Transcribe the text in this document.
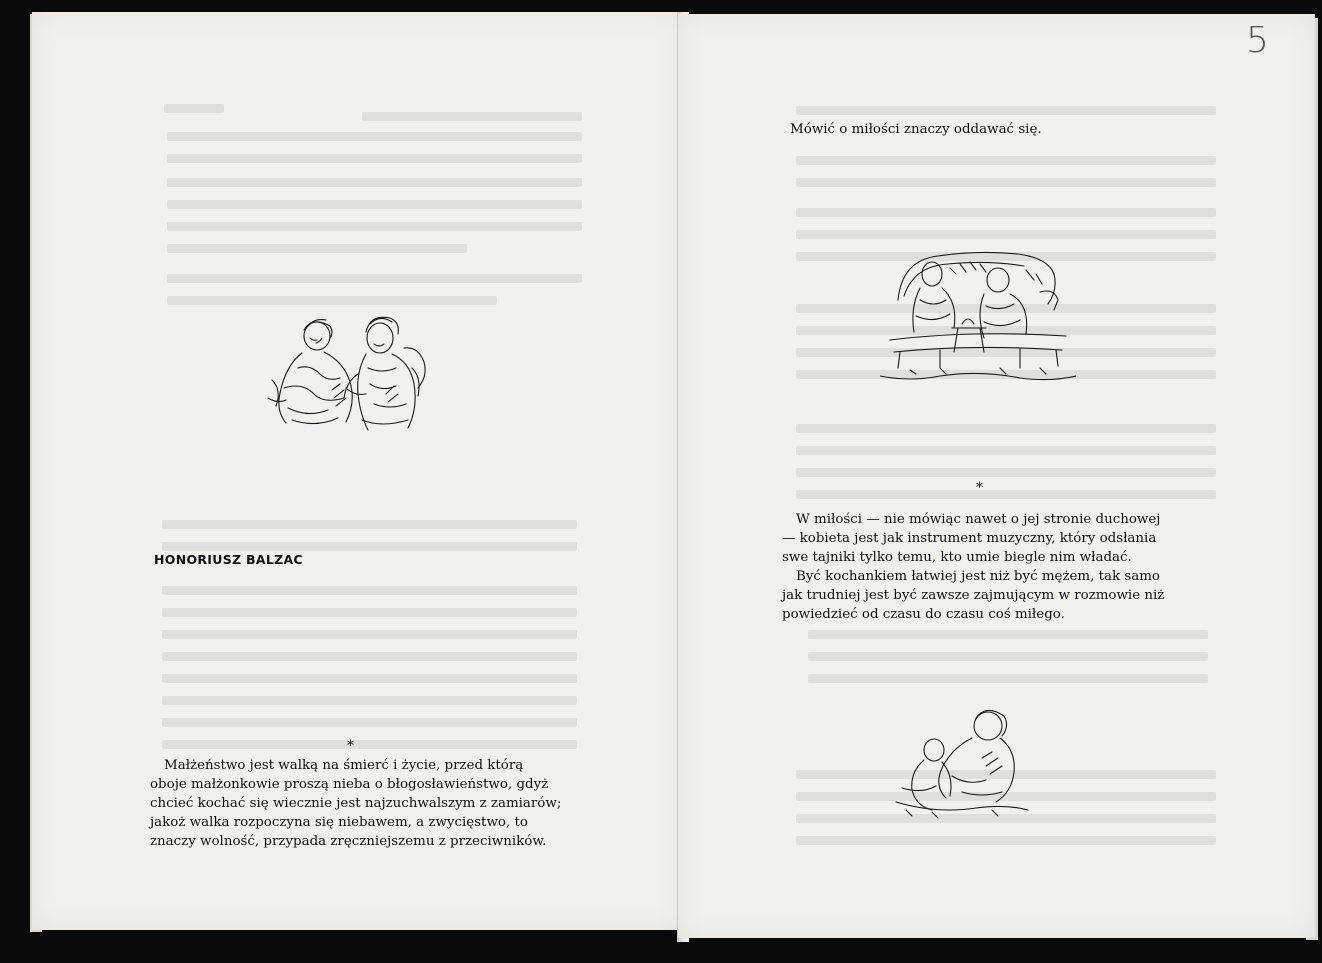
HONORIUSZ BALZAC
*

Małżeństwo jest walką na śmierć i życie, przed którą

oboje małżonkowie proszą nieba o błogosławieństwo, gdyż

chcieć kochać się wiecznie jest najzuchwalszym z zamiarów;

jakoż walka rozpoczyna się niebawem, a zwycięstwo, to

znaczy wolność, przypada zręczniejszemu z przeciwników.

5
Mówić o miłości znaczy oddawać się.
*

W miłości — nie mówiąc nawet o jej stronie duchowej

— kobieta jest jak instrument muzyczny, który odsłania

swe tajniki tylko temu, kto umie biegle nim władać.

Być kochankiem łatwiej jest niż być mężem, tak samo

jak trudniej jest być zawsze zajmującym w rozmowie niż

powiedzieć od czasu do czasu coś miłego.
